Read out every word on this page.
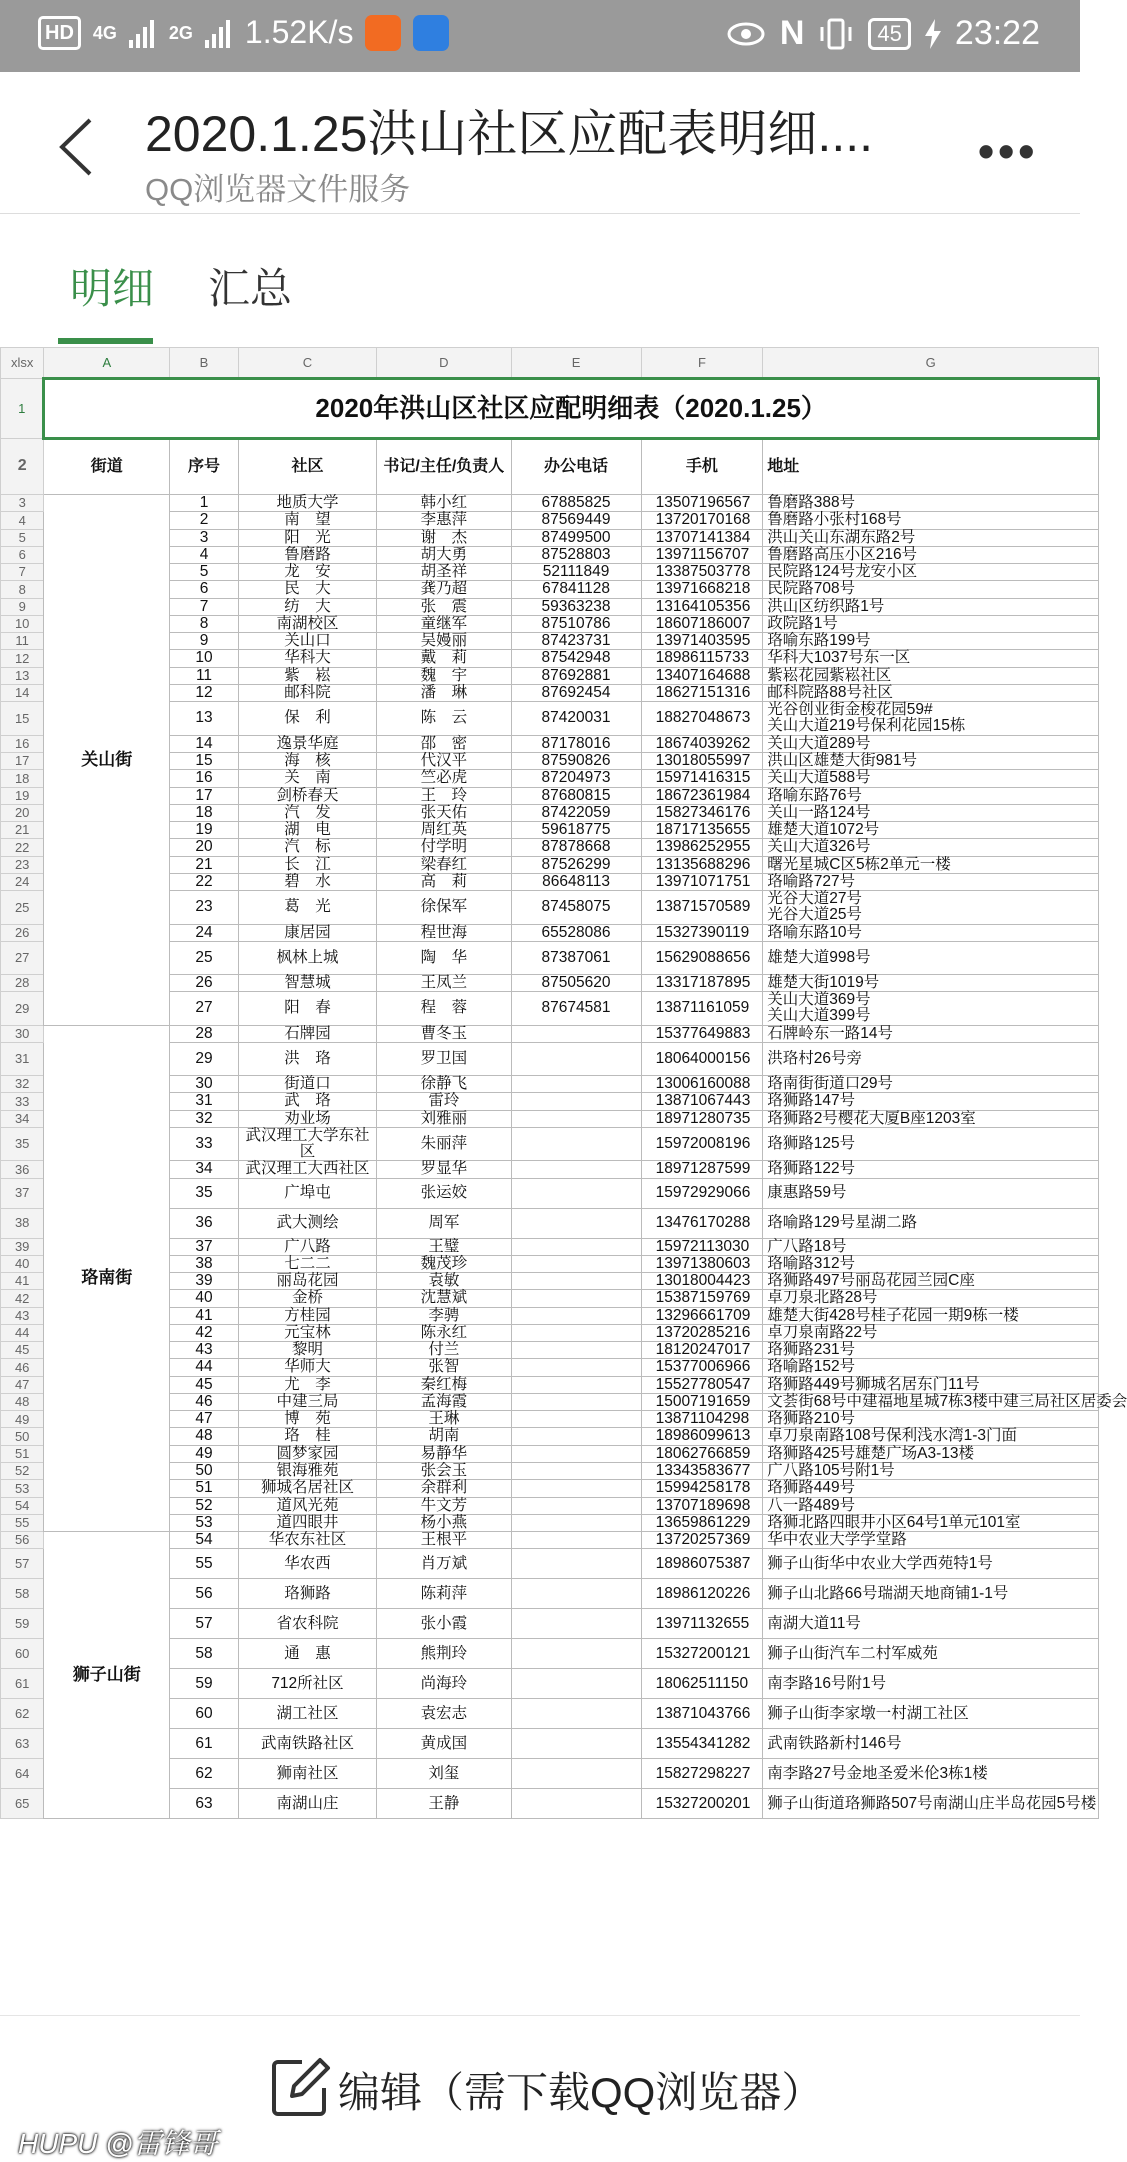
HD	4G	2G 1.52K/s	N	45 23:22
2020.1.25洪山社区应配表明细....
QQ浏览器文件服务
•••
明细 汇总
xlsx	A	B	C	D	E	F	G
1	2020年洪山区社区应配明细表（2020.1.25）						
2	街道	序号	社区	书记/主任/负责人	办公电话	手机	地址
3	关山街	1	地质大学	韩小红	67885825	13507196567	鲁磨路388号
4		2	南　望	李惠萍	87569449	13720170168	鲁磨路小张村168号
5		3	阳　光	谢　杰	87499500	13707141384	洪山关山东湖东路2号
6		4	鲁磨路	胡大勇	87528803	13971156707	鲁磨路高压小区216号
7		5	龙　安	胡圣祥	52111849	13387503778	民院路124号龙安小区
8		6	民　大	龚乃超	67841128	13971668218	民院路708号
9		7	纺　大	张　震	59363238	13164105356	洪山区纺织路1号
10		8	南湖校区	童继军	87510786	18607186007	政院路1号
11		9	关山口	吴嫚丽	87423731	13971403595	珞喻东路199号
12		10	华科大	戴　莉	87542948	18986115733	华科大1037号东一区
13		11	紫　崧	魏　宇	87692881	13407164688	紫崧花园紫崧社区
14		12	邮科院	潘　琳	87692454	18627151316	邮科院路88号社区
15		13	保　利	陈　云	87420031	18827048673	光谷创业街金梭花园59#
关山大道219号保利花园15栋
16		14	逸景华庭	邵　密	87178016	18674039262	关山大道289号
17		15	海　核	代汉平	87590826	13018055997	洪山区雄楚大街981号
18		16	关　南	竺必虎	87204973	15971416315	关山大道588号
19		17	剑桥春天	王　玲	87680815	18672361984	珞喻东路76号
20		18	汽　发	张天佑	87422059	15827346176	关山一路124号
21		19	湖　电	周红英	59618775	18717135655	雄楚大道1072号
22		20	汽　标	付学明	87878668	13986252955	关山大道326号
23		21	长　江	梁春红	87526299	13135688296	曙光星城C区5栋2单元一楼
24		22	碧　水	高　莉	86648113	13971071751	珞喻路727号
25		23	葛　光	徐保军	87458075	13871570589	光谷大道27号
光谷大道25号
26		24	康居园	程世海	65528086	15327390119	珞喻东路10号
27		25	枫林上城	陶　华	87387061	15629088656	雄楚大道998号
28		26	智慧城	王凤兰	87505620	13317187895	雄楚大街1019号
29		27	阳　春	程　蓉	87674581	13871161059	关山大道369号
关山大道399号
30	珞南街	28	石牌园	曹冬玉		15377649883	石牌岭东一路14号
31		29	洪　珞	罗卫国		18064000156	洪珞村26号旁
32		30	街道口	徐静飞		13006160088	珞南街街道口29号
33		31	武　珞	雷玲		13871067443	珞狮路147号
34		32	劝业场	刘雅丽		18971280735	珞狮路2号樱花大厦B座1203室
35		33	武汉理工大学东社区	朱丽萍		15972008196	珞狮路125号
36		34	武汉理工大西社区	罗显华		18971287599	珞狮路122号
37		35	广埠屯	张运姣		15972929066	康惠路59号
38		36	武大测绘	周军		13476170288	珞喻路129号星湖二路
39		37	广八路	王璧		15972113030	广八路18号
40		38	七二二	魏茂珍		13971380603	珞喻路312号
41		39	丽岛花园	袁敏		13018004423	珞狮路497号丽岛花园兰园C座
42		40	金桥	沈慧斌		15387159769	卓刀泉北路28号
43		41	方桂园	李骋		13296661709	雄楚大街428号桂子花园一期9栋一楼
44		42	元宝林	陈永红		13720285216	卓刀泉南路22号
45		43	黎明	付兰		18120247017	珞狮路231号
46		44	华师大	张智		15377006966	珞喻路152号
47		45	尤　李	秦红梅		15527780547	珞狮路449号狮城名居东门11号
48		46	中建三局	孟海霞		15007191659	文荟街68号中建福地星城7栋3楼中建三局社区居委会
49		47	博　苑	王琳		13871104298	珞狮路210号
50		48	珞　桂	胡南		18986099613	卓刀泉南路108号保利浅水湾1-3门面
51		49	圆梦家园	易静华		18062766859	珞狮路425号雄楚广场A3-13楼
52		50	银海雅苑	张会玉		13343583677	广八路105号附1号
53		51	狮城名居社区	余群利		15994258178	珞狮路449号
54		52	道风光苑	牛文芳		13707189698	八一路489号
55		53	道四眼井	杨小燕		13659861229	珞狮北路四眼井小区64号1单元101室
56	狮子山街	54	华农东社区	王根平		13720257369	华中农业大学学堂路
57		55	华农西	肖万斌		18986075387	狮子山街华中农业大学西苑特1号
58		56	珞狮路	陈莉萍		18986120226	狮子山北路66号瑞湖天地商铺1-1号
59		57	省农科院	张小霞		13971132655	南湖大道11号
60		58	通　惠	熊荆玲		15327200121	狮子山街汽车二村军威苑
61		59	712所社区	尚海玲		18062511150	南李路16号附1号
62		60	湖工社区	袁宏志		13871043766	狮子山街李家墩一村湖工社区
63		61	武南铁路社区	黄成国		13554341282	武南铁路新村146号
64		62	狮南社区	刘玺		15827298227	南李路27号金地圣爱米伦3栋1楼
65		63	南湖山庄	王静		15327200201	狮子山街道珞狮路507号南湖山庄半岛花园5号楼
编辑（需下载QQ浏览器）
HUPU @雷锋哥
